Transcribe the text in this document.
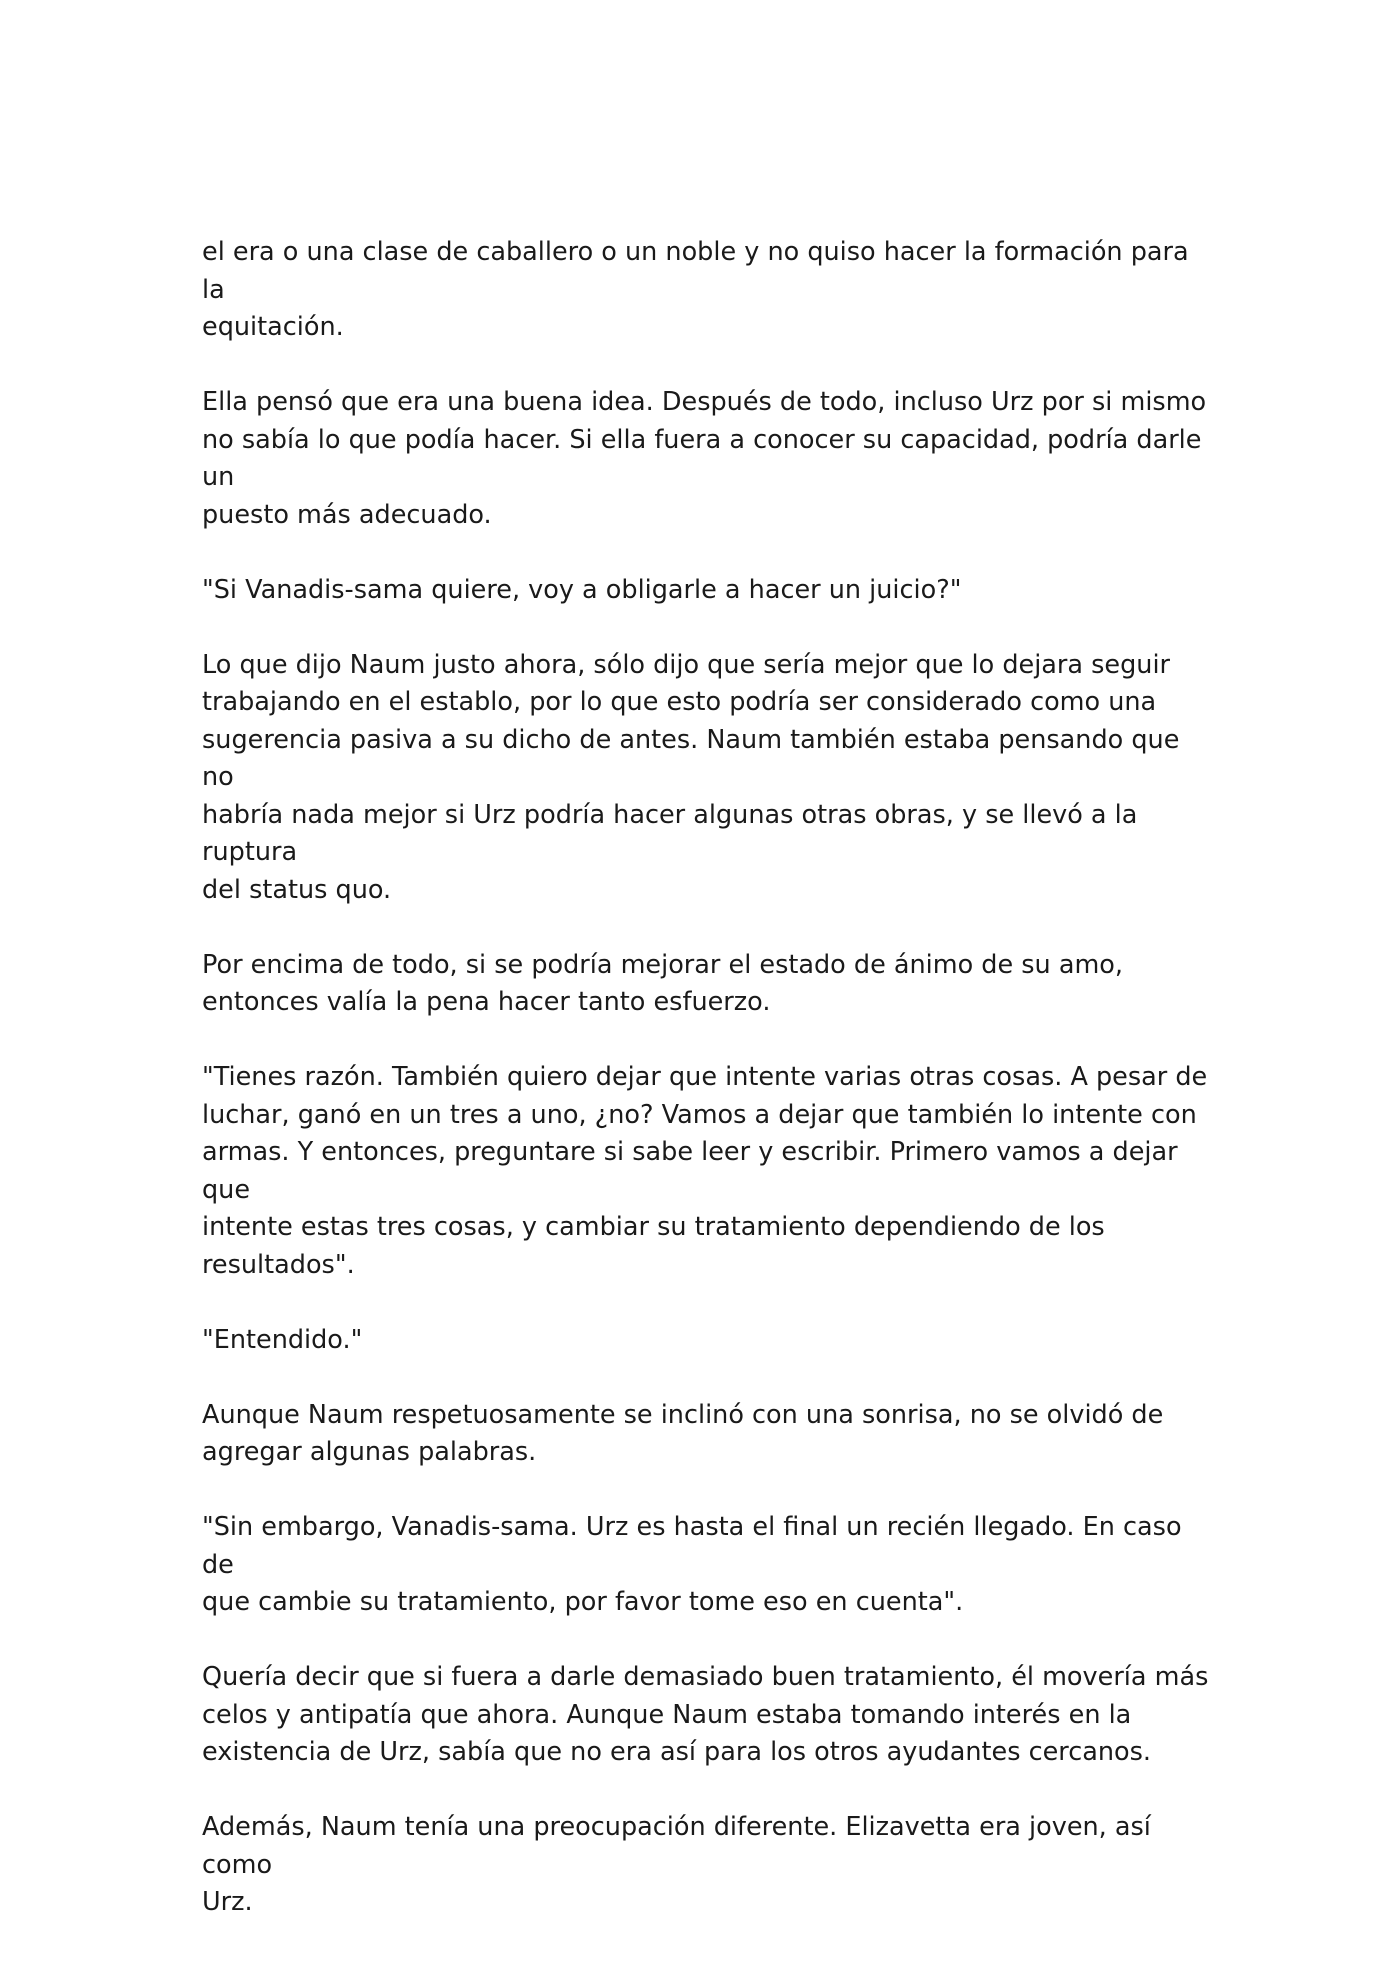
el era o una clase de caballero o un noble y no quiso hacer la formación para la
equitación.

Ella pensó que era una buena idea. Después de todo, incluso Urz por si mismo
no sabía lo que podía hacer. Si ella fuera a conocer su capacidad, podría darle un
puesto más adecuado.

"Si Vanadis-sama quiere, voy a obligarle a hacer un juicio?"

Lo que dijo Naum justo ahora, sólo dijo que sería mejor que lo dejara seguir
trabajando en el establo, por lo que esto podría ser considerado como una
sugerencia pasiva a su dicho de antes. Naum también estaba pensando que no
habría nada mejor si Urz podría hacer algunas otras obras, y se llevó a la ruptura
del status quo.

Por encima de todo, si se podría mejorar el estado de ánimo de su amo,
entonces valía la pena hacer tanto esfuerzo.

"Tienes razón. También quiero dejar que intente varias otras cosas. A pesar de
luchar, ganó en un tres a uno, ¿no? Vamos a dejar que también lo intente con
armas. Y entonces, preguntare si sabe leer y escribir. Primero vamos a dejar que
intente estas tres cosas, y cambiar su tratamiento dependiendo de los
resultados".

"Entendido."

Aunque Naum respetuosamente se inclinó con una sonrisa, no se olvidó de
agregar algunas palabras.

"Sin embargo, Vanadis-sama. Urz es hasta el final un recién llegado. En caso de
que cambie su tratamiento, por favor tome eso en cuenta".

Quería decir que si fuera a darle demasiado buen tratamiento, él movería más
celos y antipatía que ahora. Aunque Naum estaba tomando interés en la
existencia de Urz, sabía que no era así para los otros ayudantes cercanos.

Además, Naum tenía una preocupación diferente. Elizavetta era joven, así como
Urz.
